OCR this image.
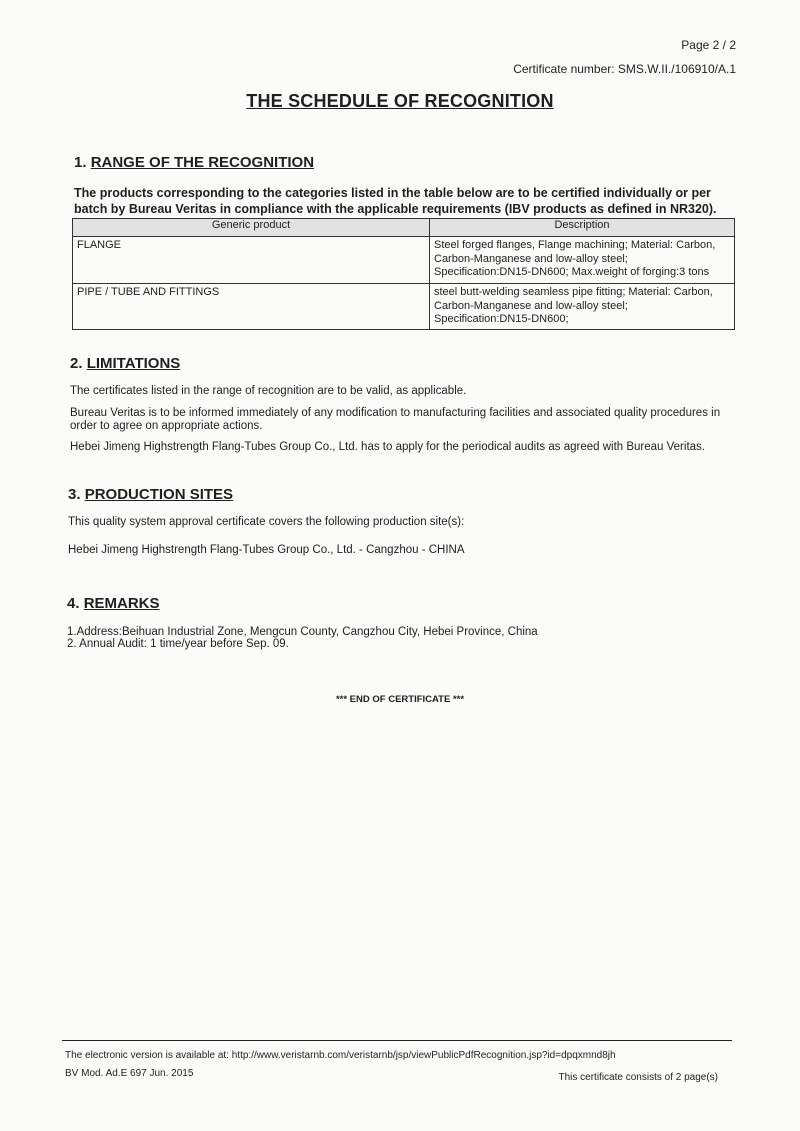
Page 2 / 2
Certificate number: SMS.W.II./106910/A.1
THE SCHEDULE OF RECOGNITION
1. RANGE OF THE RECOGNITION
The products corresponding to the categories listed in the table below are to be certified individually or per batch by Bureau Veritas in compliance with the applicable requirements (IBV products as defined in NR320).
Generic product	Description
FLANGE	Steel forged flanges, Flange machining; Material: Carbon,
Carbon-Manganese and low-alloy steel;
Specification:DN15-DN600; Max.weight of forging:3 tons

PIPE / TUBE AND FITTINGS	steel butt-welding seamless pipe fitting; Material: Carbon,
Carbon-Manganese and low-alloy steel;
Specification:DN15-DN600;
2. LIMITATIONS
The certificates listed in the range of recognition are to be valid, as applicable.
Bureau Veritas is to be informed immediately of any modification to manufacturing facilities and associated quality procedures in order to agree on appropriate actions.
Hebei Jimeng Highstrength Flang-Tubes Group Co., Ltd. has to apply for the periodical audits as agreed with Bureau Veritas.
3. PRODUCTION SITES
This quality system approval certificate covers the following production site(s):
Hebei Jimeng Highstrength Flang-Tubes Group Co., Ltd. - Cangzhou - CHINA
4. REMARKS
1.Address:Beihuan Industrial Zone, Mengcun County, Cangzhou City, Hebei Province, China
2. Annual Audit: 1 time/year before Sep. 09.
*** END OF CERTIFICATE ***
The electronic version is available at: http://www.veristarnb.com/veristarnb/jsp/viewPublicPdfRecognition.jsp?id=dpqxmnd8jh
BV Mod. Ad.E 697 Jun. 2015	This certificate consists of 2 page(s)
